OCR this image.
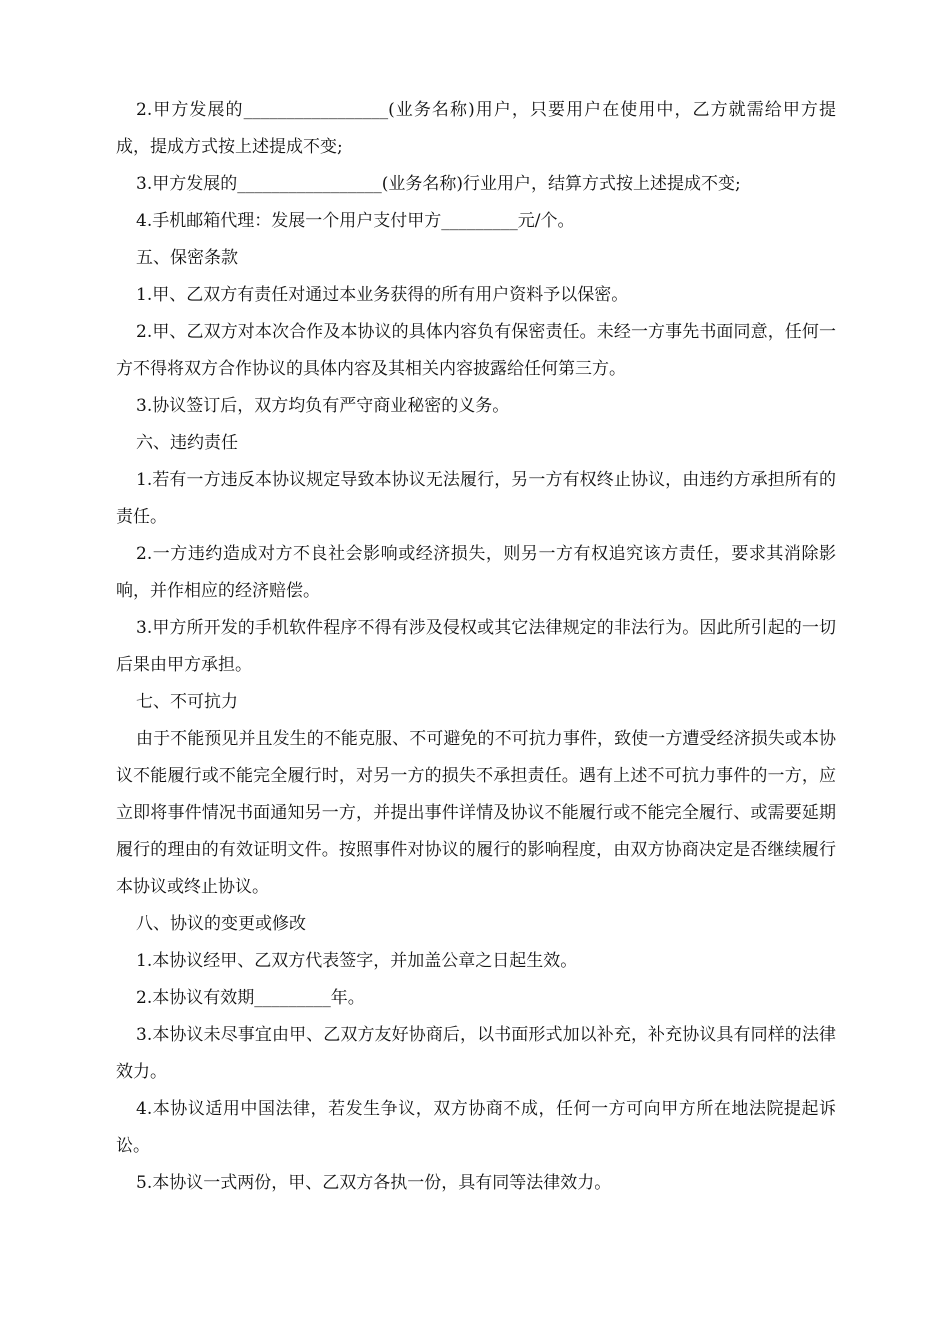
2.甲方发展的_________________(业务名称)用户，只要用户在使用中，乙方就需给甲方提成，提成方式按上述提成不变;

3.甲方发展的_________________(业务名称)行业用户，结算方式按上述提成不变;

4.手机邮箱代理：发展一个用户支付甲方_________元/个。

五、保密条款

1.甲、乙双方有责任对通过本业务获得的所有用户资料予以保密。

2.甲、乙双方对本次合作及本协议的具体内容负有保密责任。未经一方事先书面同意，任何一方不得将双方合作协议的具体内容及其相关内容披露给任何第三方。

3.协议签订后，双方均负有严守商业秘密的义务。

六、违约责任

1.若有一方违反本协议规定导致本协议无法履行，另一方有权终止协议，由违约方承担所有的责任。

2.一方违约造成对方不良社会影响或经济损失，则另一方有权追究该方责任，要求其消除影响，并作相应的经济赔偿。

3.甲方所开发的手机软件程序不得有涉及侵权或其它法律规定的非法行为。因此所引起的一切后果由甲方承担。

七、不可抗力

由于不能预见并且发生的不能克服、不可避免的不可抗力事件，致使一方遭受经济损失或本协议不能履行或不能完全履行时，对另一方的损失不承担责任。遇有上述不可抗力事件的一方，应立即将事件情况书面通知另一方，并提出事件详情及协议不能履行或不能完全履行、或需要延期履行的理由的有效证明文件。按照事件对协议的履行的影响程度，由双方协商决定是否继续履行本协议或终止协议。

八、协议的变更或修改

1.本协议经甲、乙双方代表签字，并加盖公章之日起生效。

2.本协议有效期_________年。

3.本协议未尽事宜由甲、乙双方友好协商后，以书面形式加以补充，补充协议具有同样的法律效力。

4.本协议适用中国法律，若发生争议，双方协商不成，任何一方可向甲方所在地法院提起诉讼。

5.本协议一式两份，甲、乙双方各执一份，具有同等法律效力。
